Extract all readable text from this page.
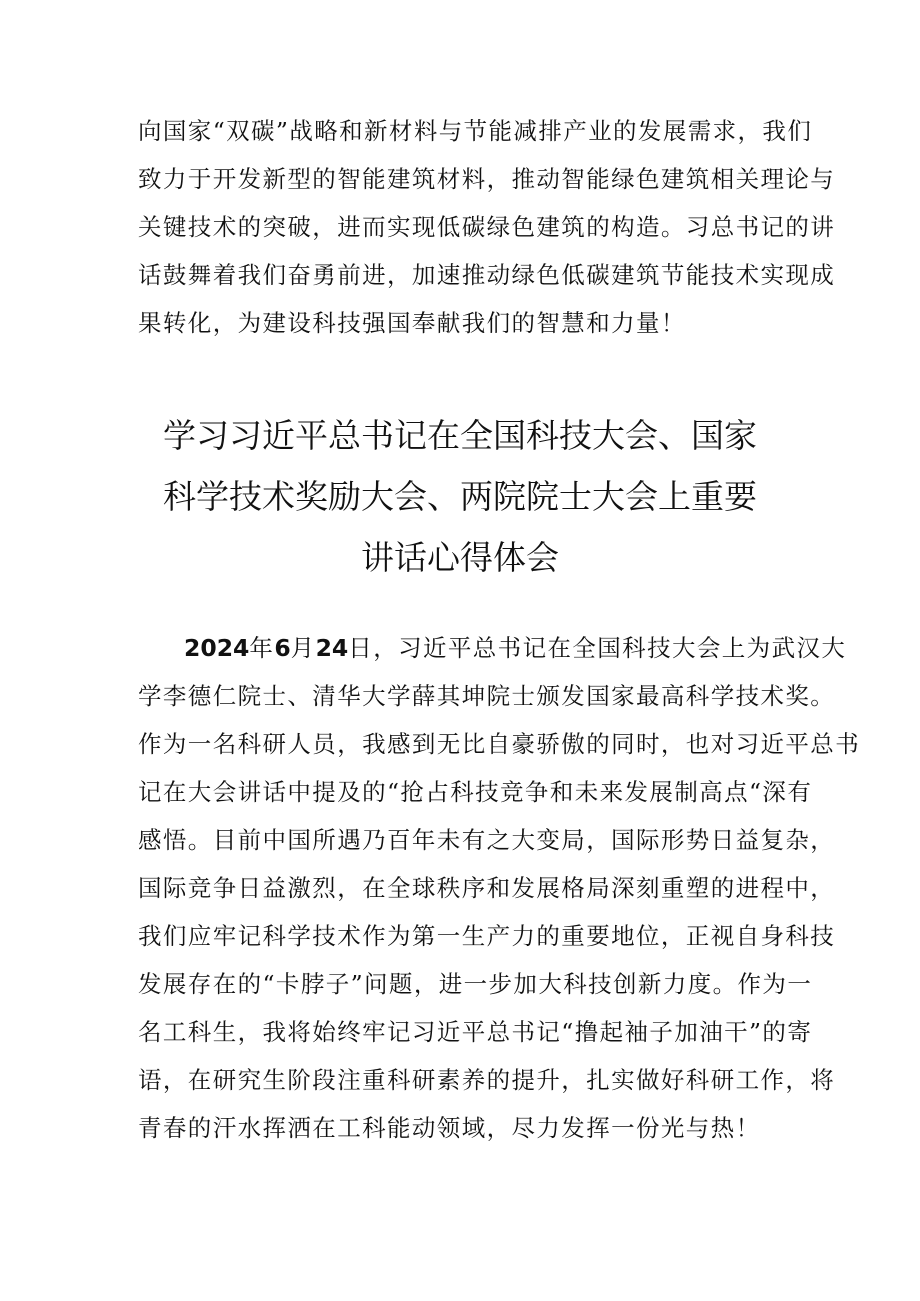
向国家“双碳”战略和新材料与节能减排产业的发展需求，我们
致力于开发新型的智能建筑材料，推动智能绿色建筑相关理论与
关键技术的突破，进而实现低碳绿色建筑的构造。习总书记的讲
话鼓舞着我们奋勇前进，加速推动绿色低碳建筑节能技术实现成
果转化，为建设科技强国奉献我们的智慧和力量！
学习习近平总书记在全国科技大会、国家
科学技术奖励大会、两院院士大会上重要
讲话心得体会
2024年6月24日，习近平总书记在全国科技大会上为武汉大
学李德仁院士、清华大学薛其坤院士颁发国家最高科学技术奖。
作为一名科研人员，我感到无比自豪骄傲的同时，也对习近平总书
记在大会讲话中提及的“抢占科技竞争和未来发展制高点“深有
感悟。目前中国所遇乃百年未有之大变局，国际形势日益复杂，
国际竞争日益激烈，在全球秩序和发展格局深刻重塑的进程中，
我们应牢记科学技术作为第一生产力的重要地位，正视自身科技
发展存在的“卡脖子”问题，进一步加大科技创新力度。作为一
名工科生，我将始终牢记习近平总书记“撸起袖子加油干”的寄
语，在研究生阶段注重科研素养的提升，扎实做好科研工作，将
青春的汗水挥洒在工科能动领域，尽力发挥一份光与热！
